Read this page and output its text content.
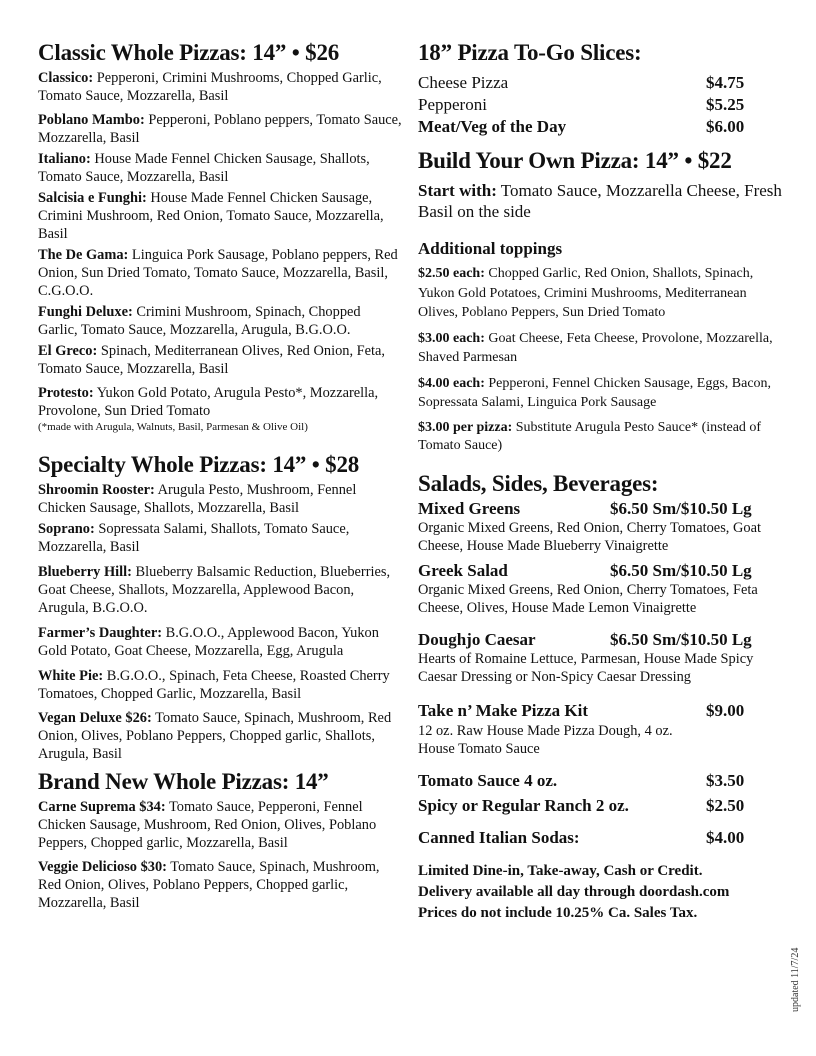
Classic Whole Pizzas: 14” • $26
Classico: Pepperoni, Crimini Mushrooms, Chopped Garlic, Tomato Sauce, Mozzarella, Basil
Poblano Mambo: Pepperoni, Poblano peppers, Tomato Sauce, Mozzarella, Basil
Italiano: House Made Fennel Chicken Sausage, Shallots, Tomato Sauce, Mozzarella, Basil
Salcisia e Funghi: House Made Fennel Chicken Sausage, Crimini Mushroom, Red Onion, Tomato Sauce, Mozzarella, Basil
The De Gama: Linguica Pork Sausage, Poblano peppers, Red Onion, Sun Dried Tomato, Tomato Sauce, Mozzarella, Basil, C.G.O.O.
Funghi Deluxe: Crimini Mushroom, Spinach, Chopped Garlic, Tomato Sauce, Mozzarella, Arugula, B.G.O.O.
El Greco: Spinach, Mediterranean Olives, Red Onion, Feta, Tomato Sauce, Mozzarella, Basil
Protesto: Yukon Gold Potato, Arugula Pesto*, Mozzarella, Provolone, Sun Dried Tomato
(*made with Arugula, Walnuts, Basil, Parmesan & Olive Oil)
Specialty Whole Pizzas: 14” • $28
Shroomin Rooster: Arugula Pesto, Mushroom, Fennel Chicken Sausage, Shallots, Mozzarella, Basil
Soprano: Sopressata Salami, Shallots, Tomato Sauce, Mozzarella, Basil
Blueberry Hill: Blueberry Balsamic Reduction, Blueberries, Goat Cheese, Shallots, Mozzarella, Applewood Bacon, Arugula, B.G.O.O.
Farmer’s Daughter: B.G.O.O., Applewood Bacon, Yukon Gold Potato, Goat Cheese, Mozzarella, Egg, Arugula
White Pie: B.G.O.O., Spinach, Feta Cheese, Roasted Cherry Tomatoes, Chopped Garlic, Mozzarella, Basil
Vegan Deluxe $26: Tomato Sauce, Spinach, Mushroom, Red Onion, Olives, Poblano Peppers, Chopped garlic, Shallots, Arugula, Basil
Brand New Whole Pizzas: 14”
Carne Suprema $34: Tomato Sauce, Pepperoni, Fennel Chicken Sausage, Mushroom, Red Onion, Olives, Poblano Peppers, Chopped garlic, Mozzarella, Basil
Veggie Delicioso $30: Tomato Sauce, Spinach, Mushroom, Red Onion, Olives, Poblano Peppers, Chopped garlic, Mozzarella, Basil
18” Pizza To-Go Slices:
Cheese Pizza	$4.75
Pepperoni	$5.25
Meat/Veg of the Day	$6.00
Build Your Own Pizza: 14” • $22
Start with: Tomato Sauce, Mozzarella Cheese, Fresh Basil on the side
Additional toppings
$2.50 each: Chopped Garlic, Red Onion, Shallots, Spinach, Yukon Gold Potatoes, Crimini Mushrooms, Mediterranean Olives, Poblano Peppers, Sun Dried Tomato
$3.00 each: Goat Cheese, Feta Cheese, Provolone, Mozzarella, Shaved Parmesan
$4.00 each: Pepperoni, Fennel Chicken Sausage, Eggs, Bacon, Sopressata Salami, Linguica Pork Sausage
$3.00 per pizza: Substitute Arugula Pesto Sauce* (instead of Tomato Sauce)
Salads, Sides, Beverages:
Mixed Greens	$6.50 Sm/$10.50 Lg
Organic Mixed Greens, Red Onion, Cherry Tomatoes, Goat Cheese, House Made Blueberry Vinaigrette
Greek Salad	$6.50 Sm/$10.50 Lg
Organic Mixed Greens, Red Onion, Cherry Tomatoes, Feta Cheese, Olives, House Made Lemon Vinaigrette
Doughjo Caesar	$6.50 Sm/$10.50 Lg
Hearts of Romaine Lettuce, Parmesan, House Made Spicy Caesar Dressing or Non-Spicy Caesar Dressing
Take n’ Make Pizza Kit	$9.00
12 oz. Raw House Made Pizza Dough, 4 oz. House Tomato Sauce
Tomato Sauce 4 oz.	$3.50
Spicy or Regular Ranch 2 oz.	$2.50
Canned Italian Sodas:	$4.00
Limited Dine-in, Take-away, Cash or Credit.
Delivery available all day through doordash.com
Prices do not include 10.25% Ca. Sales Tax.
updated 11/7/24
